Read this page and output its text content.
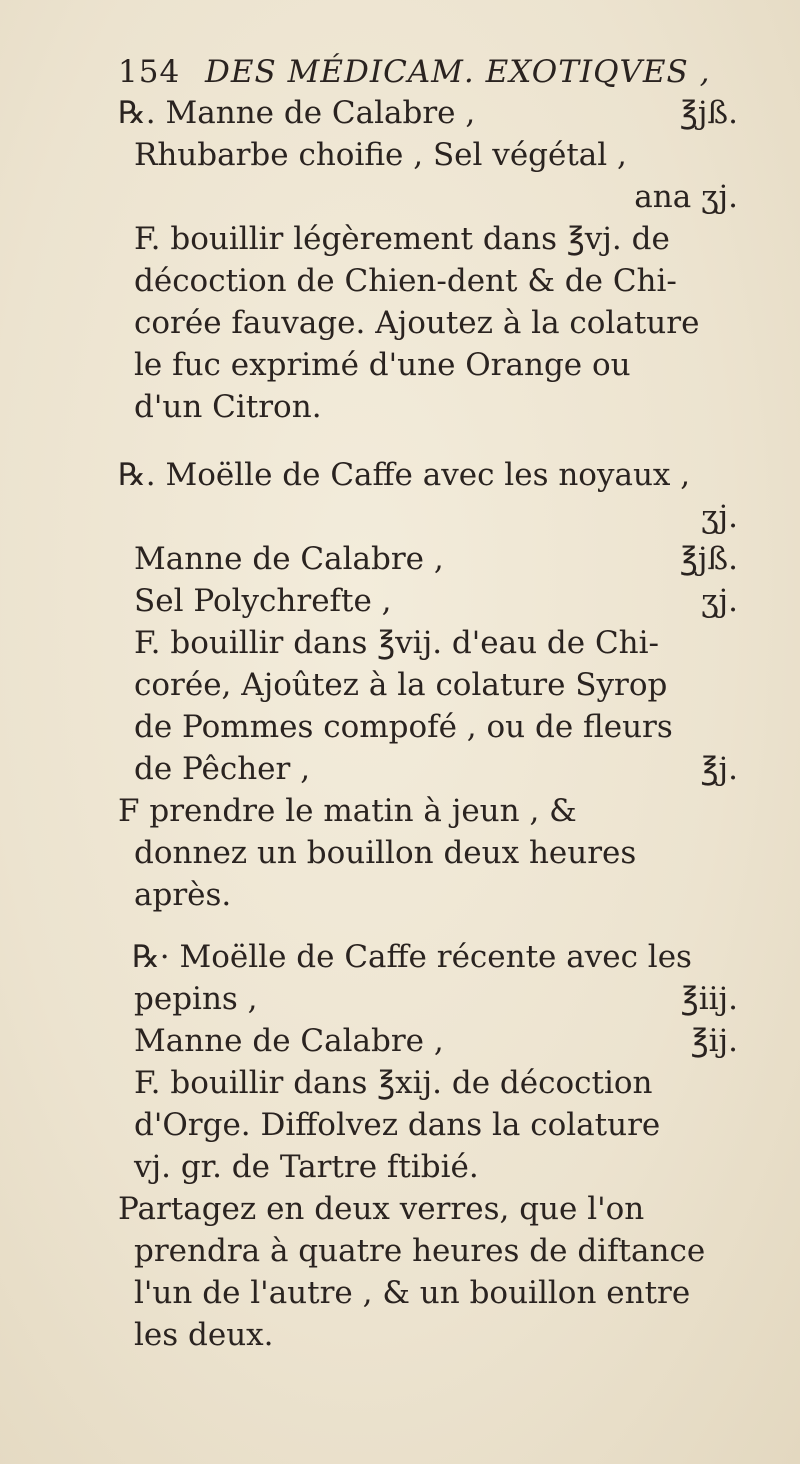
154 DES MÉDICAM. EXOTIQVES ,
℞. Manne de Calabre ,	℥jß.
Rhubarbe choifie , Sel végétal ,
ana ʒj.
F. bouillir légèrement dans ℥vj. de
décoction de Chien-dent & de Chi-
corée fauvage. Ajoutez à la colature
le fuc exprimé d'une Orange ou
d'un Citron.
℞. Moëlle de Caffe avec les noyaux ,
ʒj.
Manne de Calabre ,	℥jß.
Sel Polychrefte ,	ʒj.
F. bouillir dans ℥vij. d'eau de Chi-
corée, Ajoûtez à la colature Syrop
de Pommes compofé , ou de fleurs
de Pêcher ,	℥j.
F prendre le matin à jeun , &
donnez un bouillon deux heures
après.
℞· Moëlle de Caffe récente avec les
pepins ,	℥iij.
Manne de Calabre ,	℥ij.
F. bouillir dans ℥xij. de décoction
d'Orge. Diffolvez dans la colature
vj. gr. de Tartre ftibié.
Partagez en deux verres, que l'on
prendra à quatre heures de diftance
l'un de l'autre , & un bouillon entre
les deux.
